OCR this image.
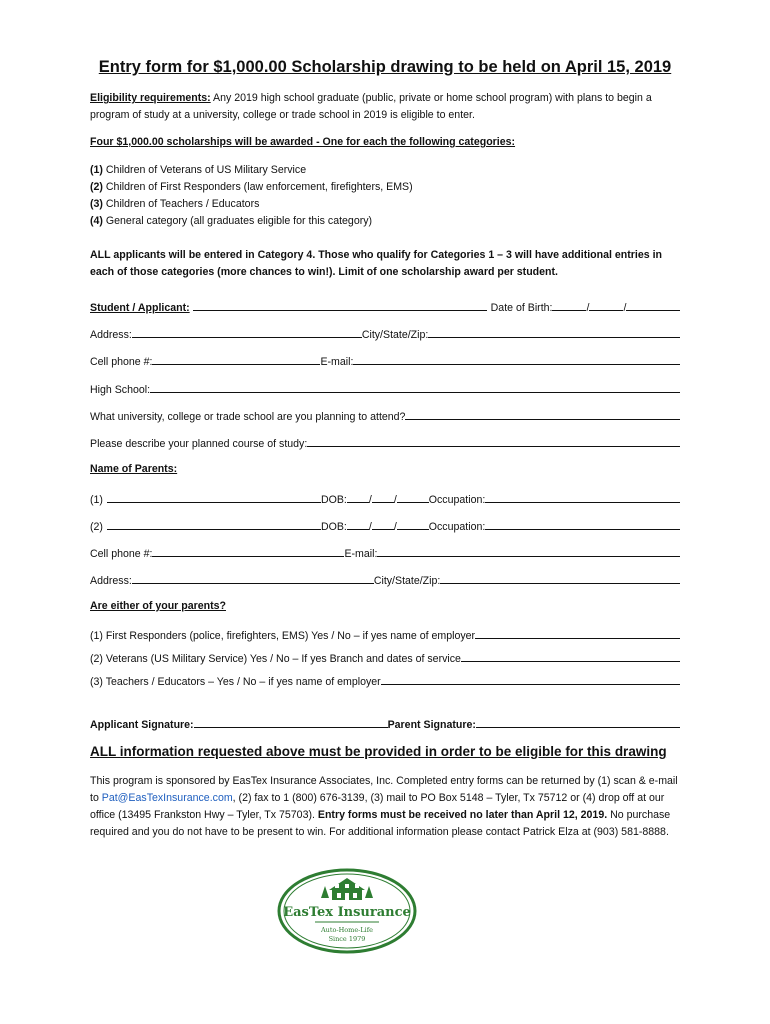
Entry form for $1,000.00 Scholarship drawing to be held on April 15, 2019
Eligibility requirements: Any 2019 high school graduate (public, private or home school program) with plans to begin a program of study at a university, college or trade school in 2019 is eligible to enter.
Four $1,000.00 scholarships will be awarded - One for each the following categories:
(1) Children of Veterans of US Military Service
(2) Children of First Responders (law enforcement, firefighters, EMS)
(3) Children of Teachers / Educators
(4) General category (all graduates eligible for this category)
ALL applicants will be entered in Category 4. Those who qualify for Categories 1 – 3 will have additional entries in each of those categories (more chances to win!). Limit of one scholarship award per student.
Student / Applicant:	Date of Birth:	/	/
Address:	City/State/Zip:
Cell phone #:	E-mail:
High School:
What university, college or trade school are you planning to attend?
Please describe your planned course of study:
Name of Parents:
(1)	DOB: / /	Occupation:
(2)	DOB: / /	Occupation:
Cell phone #:	E-mail:
Address:	City/State/Zip:
Are either of your parents?
(1) First Responders (police, firefighters, EMS) Yes / No – if yes name of employer
(2) Veterans (US Military Service) Yes / No – If yes Branch and dates of service
(3) Teachers / Educators – Yes / No – if yes name of employer
Applicant Signature:	Parent Signature:
ALL information requested above must be provided in order to be eligible for this drawing
This program is sponsored by EasTex Insurance Associates, Inc. Completed entry forms can be returned by (1) scan & e-mail to Pat@EasTexInsurance.com, (2) fax to 1 (800) 676-3139, (3) mail to PO Box 5148 – Tyler, Tx 75712 or (4) drop off at our office (13495 Frankston Hwy – Tyler, Tx 75703). Entry forms must be received no later than April 12, 2019. No purchase required and you do not have to be present to win. For additional information please contact Patrick Elza at (903) 581-8888.
EasTex Insurance
Auto-Home-Life
Since 1979
